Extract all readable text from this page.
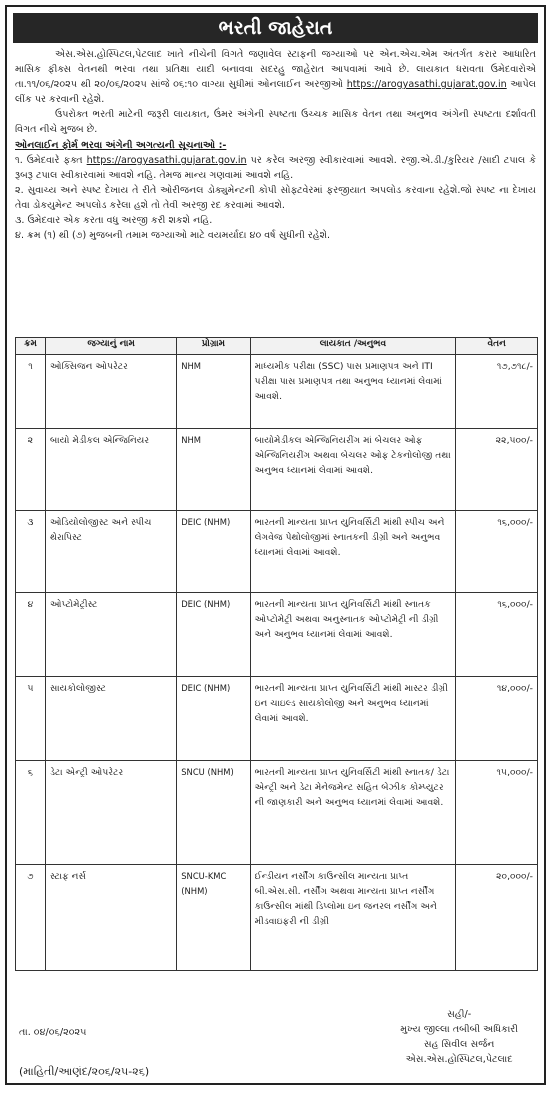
ભરતી જાહેરાત

એસ.એસ.હોસ્પિટલ,પેટલાદ ખાતે નીચેની વિગતે જણાવેલ સ્ટાફની જગ્યાઓ પર એન.એચ.એમ અંતર્ગત કરાર આધારિત માસિક ફીક્સ વેતનથી ભરવા તથા પ્રતિક્ષા યાદી બનાવવા સદરહુ જાહેરાત આપવામાં આવે છે. લાયકાત ધરાવતા ઉમેદવારોએ તા.૧૧/૦૬/૨૦૨૫ થી ૨૦/૦૬/૨૦૨૫ સાંજે ૦૬:૧૦ વાગ્યા સુધીમાં ઓનલાઈન અરજીઓ https://arogyasathi.gujarat.gov.in આપેલ લીંક પર કરવાની રહેશે.

ઉપરોક્ત ભરતી માટેની જરૂરી લાયકાત, ઉંમર અંગેની સ્પષ્ટતા ઉચ્ચક માસિક વેતન તથા અનુભવ અંગેની સ્પષ્ટતા દર્શાવતી વિગત નીચે મુજબ છે.

ઓનલાઈન ફોર્મ ભરવા અંગેની અગત્યની સૂચનાઓ :-

૧. ઉમેદવારે ફક્ત https://arogyasathi.gujarat.gov.in પર કરેલ અરજી સ્વીકારવામાં આવશે. રજી.એ.ડી./કુરિયર /સાદી ટપાલ કે રૂબરૂ ટપાલ સ્વીકારવામાં આવશે નહિ. તેમજ માન્ય ગણવામાં આવશે નહિ.

૨. સુવાચ્ય અને સ્પષ્ટ દેખાય તે રીતે ઓરીજનલ ડોક્યુમેન્ટની કોપી સોફ્ટવેરમાં ફરજીયાત અપલોડ કરવાના રહેશે.જો સ્પષ્ટ ના દેખાય તેવા ડોકયુમેન્ટ અપલોડ કરેલા હશે તો તેવી અરજી રદ કરવામાં આવશે.

૩. ઉમેદવાર એક કરતા વધુ અરજી કરી શકશે નહિ.

૪. ક્રમ (૧) થી (૭) મુજબની તમામ જગ્યાઓ માટે વયમર્યાદા ૪૦ વર્ષ સુધીની રહેશે.

ક્રમ	જગ્યાનું નામ	પ્રોગ્રામ	લાયકાત /અનુભવ	વેતન
૧	ઓક્સિજન ઓપરેટર	NHM	માધ્યમીક પરીક્ષા (SSC) પાસ પ્રમાણપત્ર અને ITI પરીક્ષા પાસ પ્રમાણપત્ર તથા અનુભવ ધ્યાનમાં લેવામાં આવશે.	૧૭,૭૧૮/-
૨	બાયો મેડીકલ એન્જિનિયર	NHM	બાયોમેડીકલ એન્જિનિયરીંગ માં બેચલર ઓફ એન્જિનિયરીંગ અથવા બેચલર ઓફ ટેકનોલોજી તથા અનુભવ ધ્યાનમાં લેવામાં આવશે.	૨૨,૫૦૦/-
૩	ઓડિયોલોજીસ્ટ અને સ્પીચ થેરાપિસ્ટ	DEIC (NHM)	ભારતની માન્યતા પ્રાપ્ત યુનિવર્સિટી માંથી સ્પીચ અને લેગવેજ પેથોલોજીમાં સ્નાતકની ડીગ્રી અને અનુભવ ધ્યાનમાં લેવામાં આવશે.	૧૬,૦૦૦/-
૪	ઓપ્ટોમેટ્રીસ્ટ	DEIC (NHM)	ભારતની માન્યતા પ્રાપ્ત યુનિવર્સિટી માંથી સ્નાતક ઓપ્ટોમેટ્રી અથવા અનુસ્નાતક ઓપ્ટોમેટ્રી ની ડીગ્રી અને અનુભવ ધ્યાનમાં લેવામાં આવશે.	૧૬,૦૦૦/-
૫	સાયકોલોજીસ્ટ	DEIC (NHM)	ભારતની માન્યતા પ્રાપ્ત યુનિવર્સિટી માંથી માસ્ટર ડીગ્રી ઇન ચાઇલ્ડ સાયકોલોજી અને અનુભવ ધ્યાનમાં લેવામાં આવશે.	૧૪,૦૦૦/-
૬	ડેટા એન્ટ્રી ઓપરેટર	SNCU (NHM)	ભારતની માન્યતા પ્રાપ્ત યુનિવર્સિટી માંથી સ્નાતક/ ડેટા એન્ટ્રી અને ડેટા મેનેજમેન્ટ સહિત બેઝીક કોમ્પ્યુટર ની જાણકારી અને અનુભવ ધ્યાનમાં લેવામાં આવશે.	૧૫,૦૦૦/-
૭	સ્ટાફ નર્સ	SNCU-KMC (NHM)	ઈન્ડીયન નર્સીંગ કાઉન્સીલ માન્યતા પ્રાપ્ત બી.એસ.સી. નર્સીંગ અથવા માન્યતા પ્રાપ્ત નર્સીંગ કાઉન્સીલ માંથી ડિપ્લોમા ઇન જનરલ નર્સીંગ અને મીડવાઇફરી ની ડીગ્રી	૨૦,૦૦૦/-
સહી/-
મુખ્ય જીલ્લા તબીબી અધિકારી
સહ સિવીલ સર્જન
એસ.એસ.હોસ્પિટલ,પેટલાદ
તા. ૦૪/૦૬/૨૦૨૫
(માહિતી/આણંદ/૨૦૬/૨૫-૨૬)
